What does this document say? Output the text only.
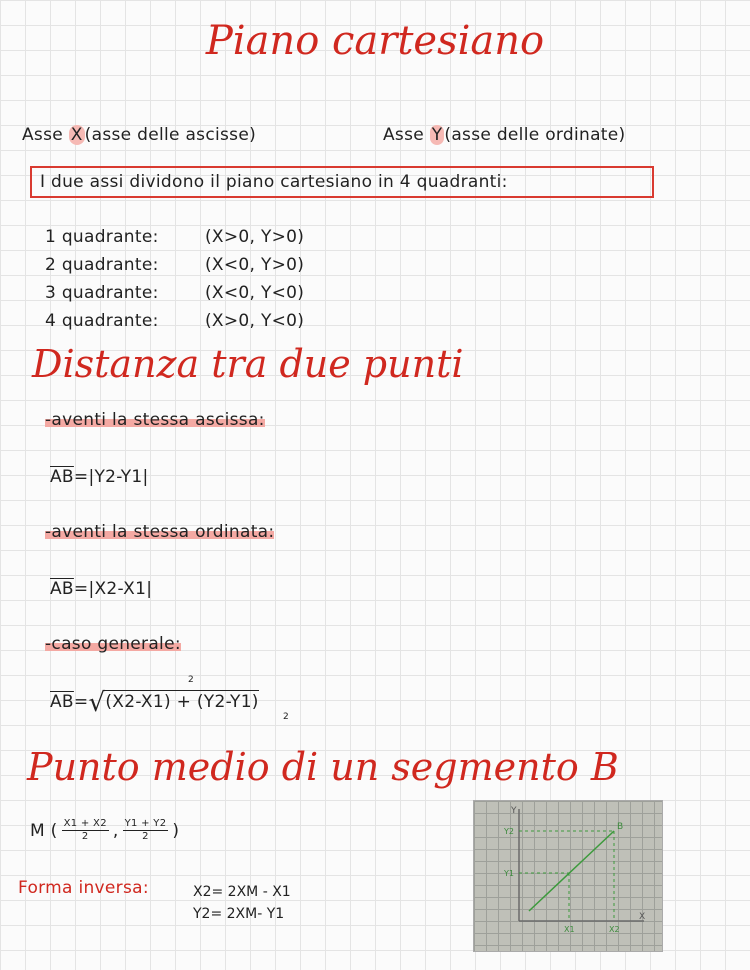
Piano cartesiano
Asse X (asse delle ascisse)	Asse Y (asse delle ordinate)
I due assi dividono il piano cartesiano in 4 quadranti:
1 quadrante:	(X>0, Y>0)
2 quadrante:	(X<0, Y>0)
3 quadrante:	(X<0, Y<0)
4 quadrante:	(X>0, Y<0)
Distanza tra due punti
-aventi la stessa ascissa:
$\overline{AB}=|Y2-Y1|$
-aventi la stessa ordinata:
$\overline{AB}=|X2-X1|$
-caso generale:
$\overline{AB}=√(X2-X1) + (Y2-Y1)$
2
2
Punto medio di un segmento B
M ( $\frac{X1 + X2}{2}$ , $\frac{Y1 + Y2}{2}$ )
Forma inversa:	X2= 2XM - X1
Y2= 2XM- Y1
B
X
Y
Y2
Y1
X1	X2
